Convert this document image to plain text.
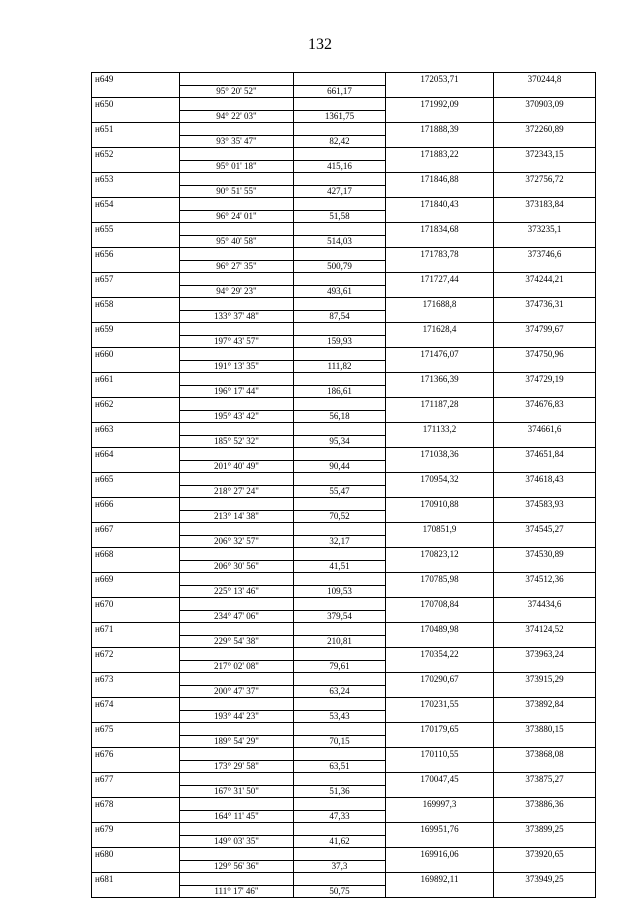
132
н649			172053,71	370244,8
	95° 20' 52"	661,17		
н650			171992,09	370903,09
	94° 22' 03"	1361,75		
н651			171888,39	372260,89
	93° 35' 47"	82,42		
н652			171883,22	372343,15
	95° 01' 18"	415,16		
н653			171846,88	372756,72
	90° 51' 55"	427,17		
н654			171840,43	373183,84
	96° 24' 01"	51,58		
н655			171834,68	373235,1
	95° 40' 58"	514,03		
н656			171783,78	373746,6
	96° 27' 35"	500,79		
н657			171727,44	374244,21
	94° 29' 23"	493,61		
н658			171688,8	374736,31
	133° 37' 48"	87,54		
н659			171628,4	374799,67
	197° 43' 57"	159,93		
н660			171476,07	374750,96
	191° 13' 35"	111,82		
н661			171366,39	374729,19
	196° 17' 44"	186,61		
н662			171187,28	374676,83
	195° 43' 42"	56,18		
н663			171133,2	374661,6
	185° 52' 32"	95,34		
н664			171038,36	374651,84
	201° 40' 49"	90,44		
н665			170954,32	374618,43
	218° 27' 24"	55,47		
н666			170910,88	374583,93
	213° 14' 38"	70,52		
н667			170851,9	374545,27
	206° 32' 57"	32,17		
н668			170823,12	374530,89
	206° 30' 56"	41,51		
н669			170785,98	374512,36
	225° 13' 46"	109,53		
н670			170708,84	374434,6
	234° 47' 06"	379,54		
н671			170489,98	374124,52
	229° 54' 38"	210,81		
н672			170354,22	373963,24
	217° 02' 08"	79,61		
н673			170290,67	373915,29
	200° 47' 37"	63,24		
н674			170231,55	373892,84
	193° 44' 23"	53,43		
н675			170179,65	373880,15
	189° 54' 29"	70,15		
н676			170110,55	373868,08
	173° 29' 58"	63,51		
н677			170047,45	373875,27
	167° 31' 50"	51,36		
н678			169997,3	373886,36
	164° 11' 45"	47,33		
н679			169951,76	373899,25
	149° 03' 35"	41,62		
н680			169916,06	373920,65
	129° 56' 36"	37,3		
н681			169892,11	373949,25
	111° 17' 46"	50,75		
